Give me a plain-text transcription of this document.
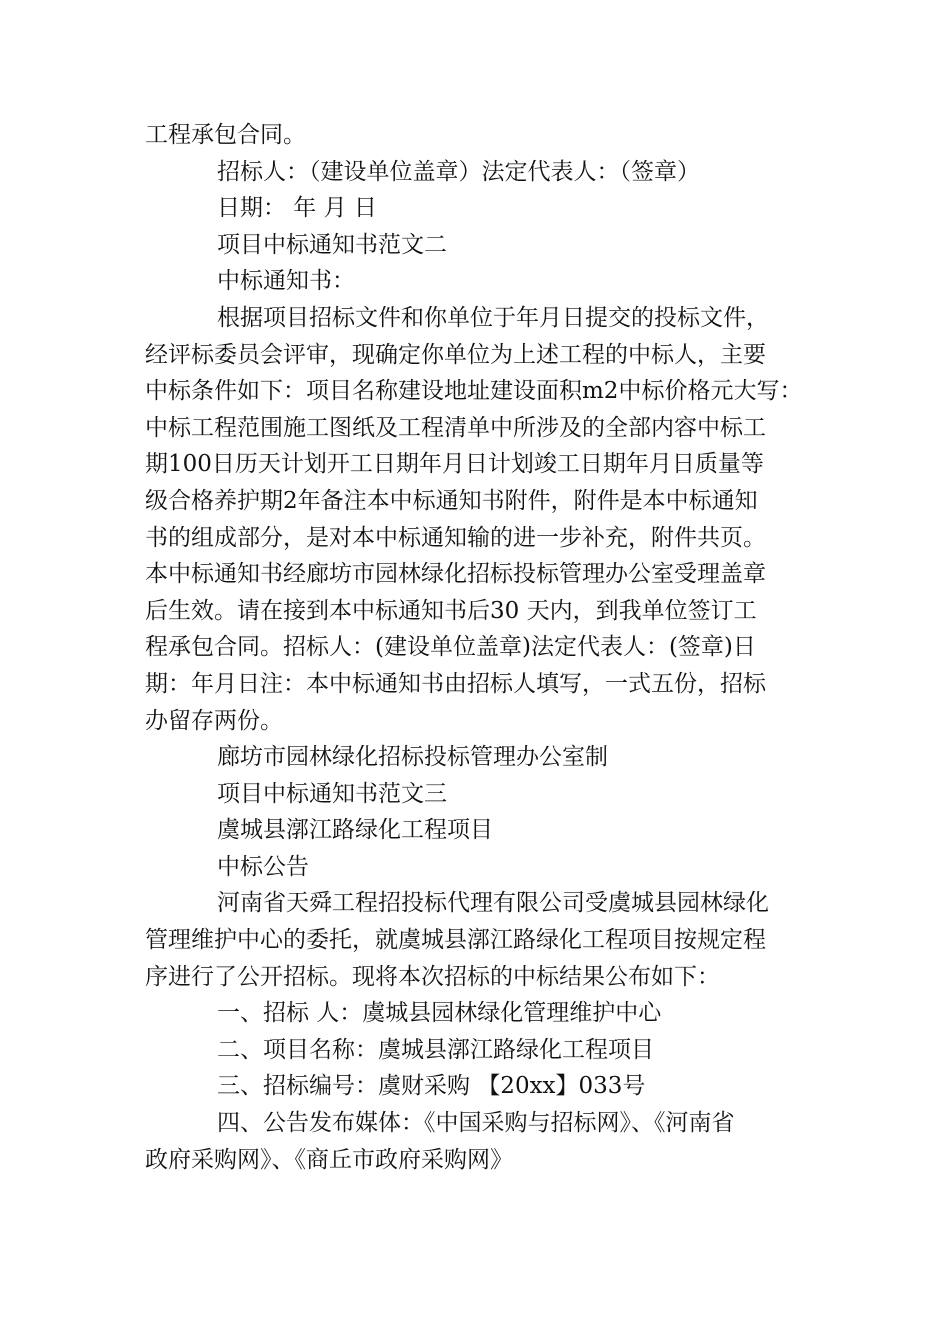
工程承包合同。
招标人：（建设单位盖章）法定代表人：（签章）
日期： 年 月 日
项目中标通知书范文二
中标通知书：
根据项目招标文件和你单位于年月日提交的投标文件，
经评标委员会评审，现确定你单位为上述工程的中标人，主要
中标条件如下：项目名称建设地址建设面积m2中标价格元大写：
中标工程范围施工图纸及工程清单中所涉及的全部内容中标工
期100日历天计划开工日期年月日计划竣工日期年月日质量等
级合格养护期2年备注本中标通知书附件，附件是本中标通知
书的组成部分，是对本中标通知输的进一步补充，附件共页。
本中标通知书经廊坊市园林绿化招标投标管理办公室受理盖章
后生效。请在接到本中标通知书后30 天内，到我单位签订工
程承包合同。招标人：(建设单位盖章)法定代表人：(签章)日
期：年月日注：本中标通知书由招标人填写，一式五份，招标
办留存两份。
廊坊市园林绿化招标投标管理办公室制
项目中标通知书范文三
虞城县漷江路绿化工程项目
中标公告
河南省天舜工程招投标代理有限公司受虞城县园林绿化
管理维护中心的委托，就虞城县漷江路绿化工程项目按规定程
序进行了公开招标。现将本次招标的中标结果公布如下：
一、招标 人：虞城县园林绿化管理维护中心
二、项目名称：虞城县漷江路绿化工程项目
三、招标编号：虞财采购 【20xx】033号
四、公告发布媒体：《中国采购与招标网》、《河南省
政府采购网》、《商丘市政府采购网》
